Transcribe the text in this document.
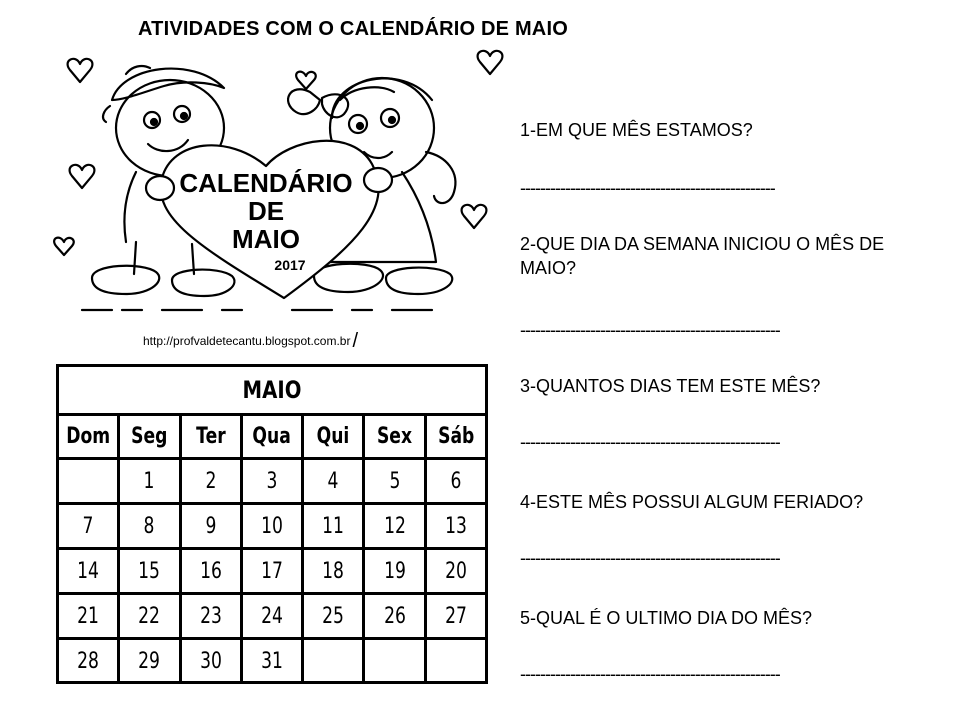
ATIVIDADES COM O CALENDÁRIO DE MAIO
CALENDÁRIO
DE
MAIO
2017
http://profvaldetecantu.blogspot.com.br /
MAIO
Dom Seg Ter Qua Qui Sex Sáb
1 2 3 4 5 6
7 8 9 10 11 12 13
14 15 16 17 18 19 20
21 22 23 24 25 26 27
28 29 30 31
1-EM QUE MÊS ESTAMOS?
---------------------------------------------------
2-QUE DIA DA SEMANA INICIOU O MÊS DE MAIO?
----------------------------------------------------
3-QUANTOS DIAS TEM ESTE MÊS?
----------------------------------------------------
4-ESTE MÊS POSSUI ALGUM FERIADO?
----------------------------------------------------
5-QUAL É O ULTIMO DIA DO MÊS?
----------------------------------------------------
